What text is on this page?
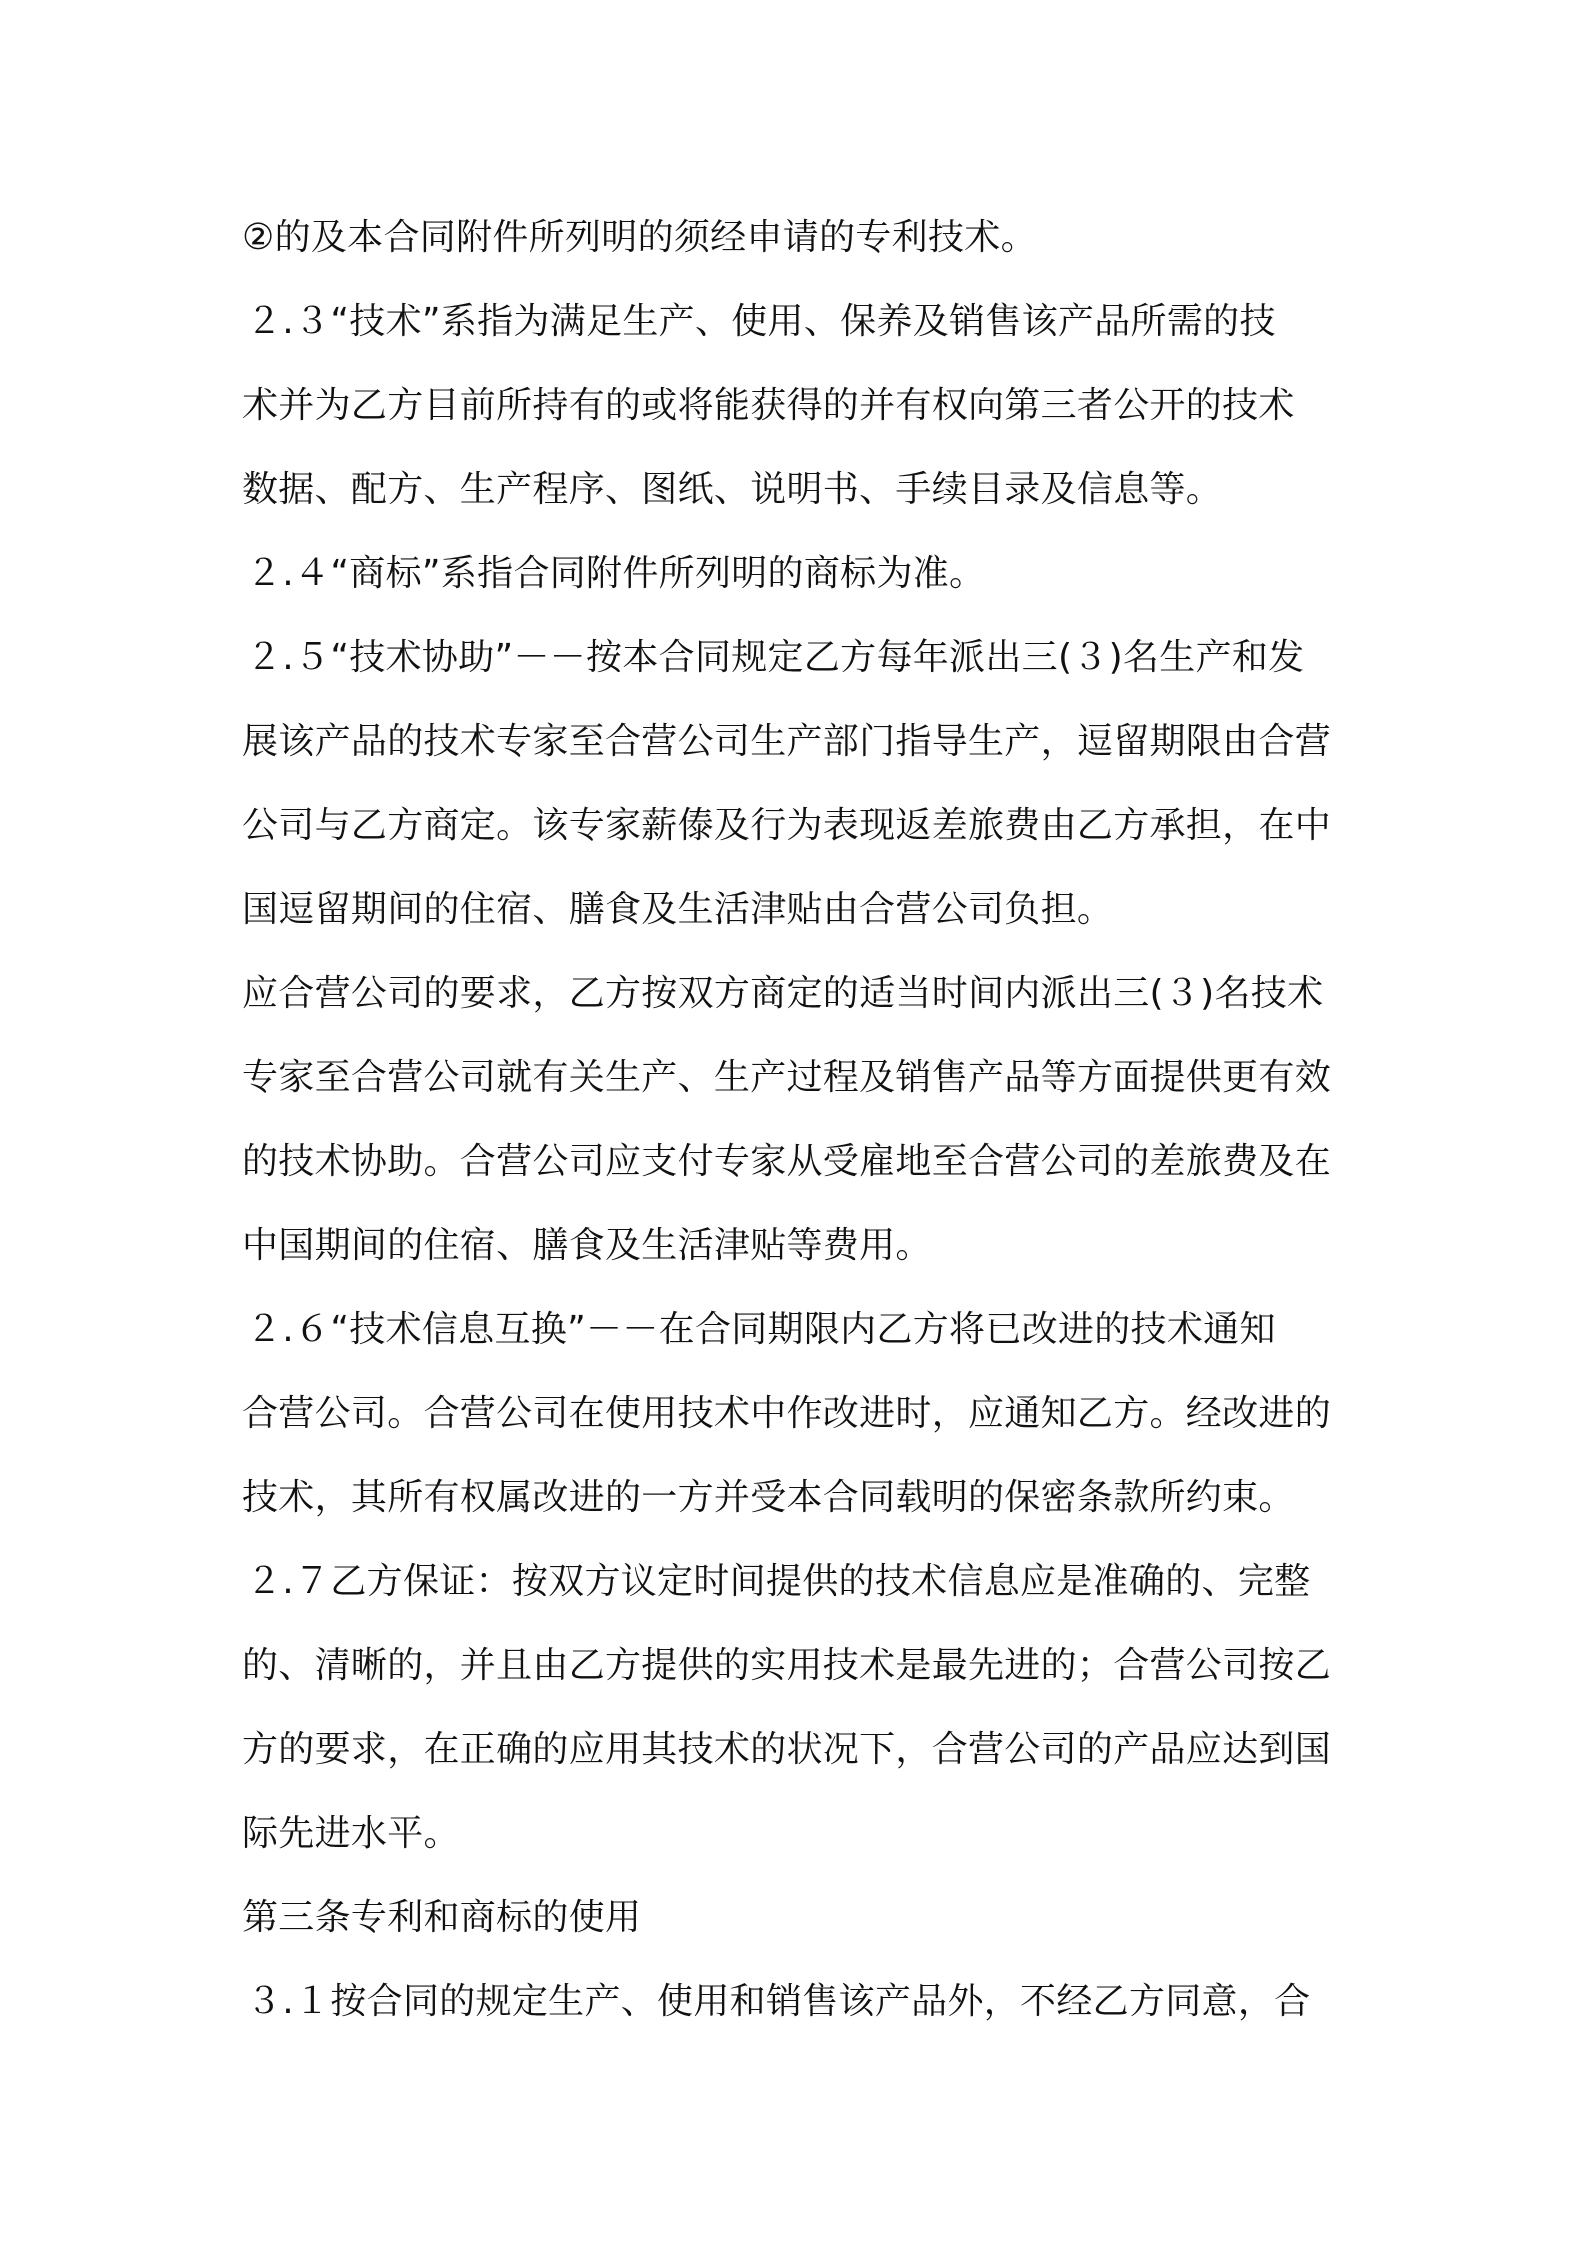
②的及本合同附件所列明的须经申请的专利技术。
２.３“技术”系指为满足生产、使用、保养及销售该产品所需的技
术并为乙方目前所持有的或将能获得的并有权向第三者公开的技术
数据、配方、生产程序、图纸、说明书、手续目录及信息等。
２.４“商标”系指合同附件所列明的商标为准。
２.５“技术协助”－－按本合同规定乙方每年派出三(３)名生产和发
展该产品的技术专家至合营公司生产部门指导生产，逗留期限由合营
公司与乙方商定。该专家薪傣及行为表现返差旅费由乙方承担，在中
国逗留期间的住宿、膳食及生活津贴由合营公司负担。
应合营公司的要求，乙方按双方商定的适当时间内派出三(３)名技术
专家至合营公司就有关生产、生产过程及销售产品等方面提供更有效
的技术协助。合营公司应支付专家从受雇地至合营公司的差旅费及在
中国期间的住宿、膳食及生活津贴等费用。
２.６“技术信息互换”－－在合同期限内乙方将已改进的技术通知
合营公司。合营公司在使用技术中作改进时，应通知乙方。经改进的
技术，其所有权属改进的一方并受本合同载明的保密条款所约束。
２.７乙方保证：按双方议定时间提供的技术信息应是准确的、完整
的、清晰的，并且由乙方提供的实用技术是最先进的；合营公司按乙
方的要求，在正确的应用其技术的状况下，合营公司的产品应达到国
际先进水平。
第三条专利和商标的使用
３.１按合同的规定生产、使用和销售该产品外，不经乙方同意，合
